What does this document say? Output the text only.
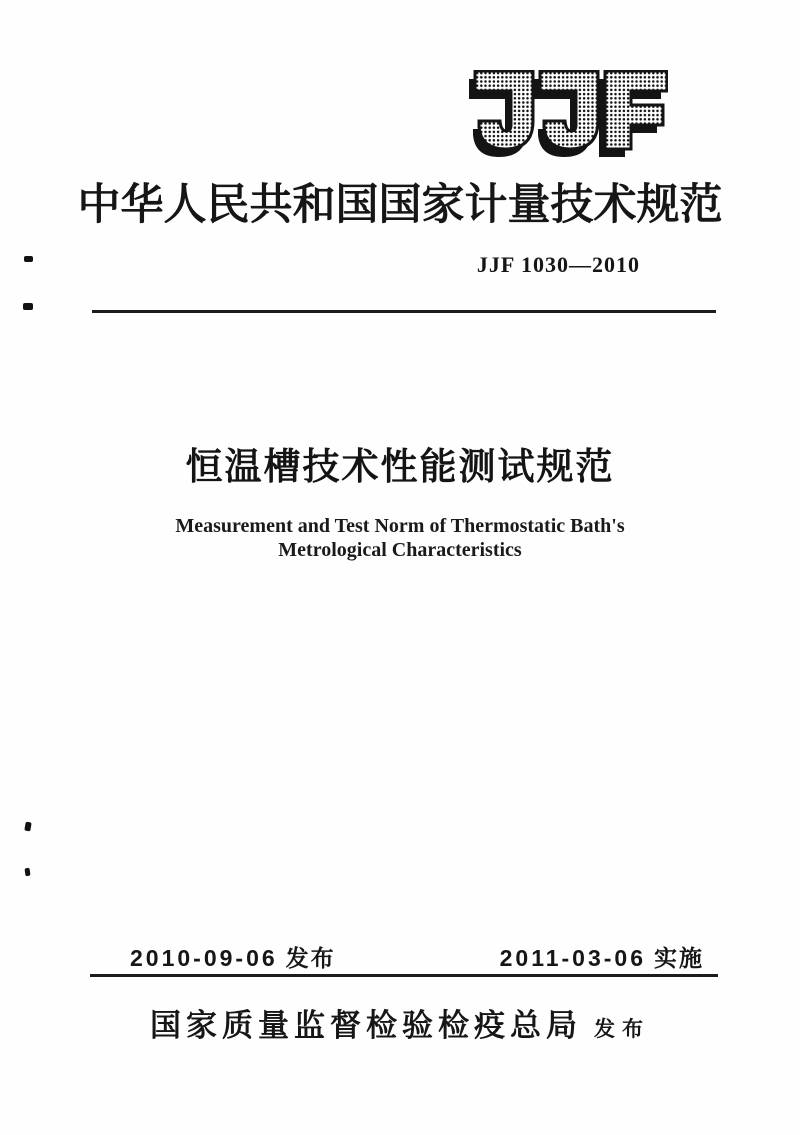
中华人民共和国国家计量技术规范
JJF 1030—2010
恒温槽技术性能测试规范
Measurement and Test Norm of Thermostatic Bath's
Metrological Characteristics
2010-09-06 发布	2011-03-06 实施
国家质量监督检验检疫总局 发布
